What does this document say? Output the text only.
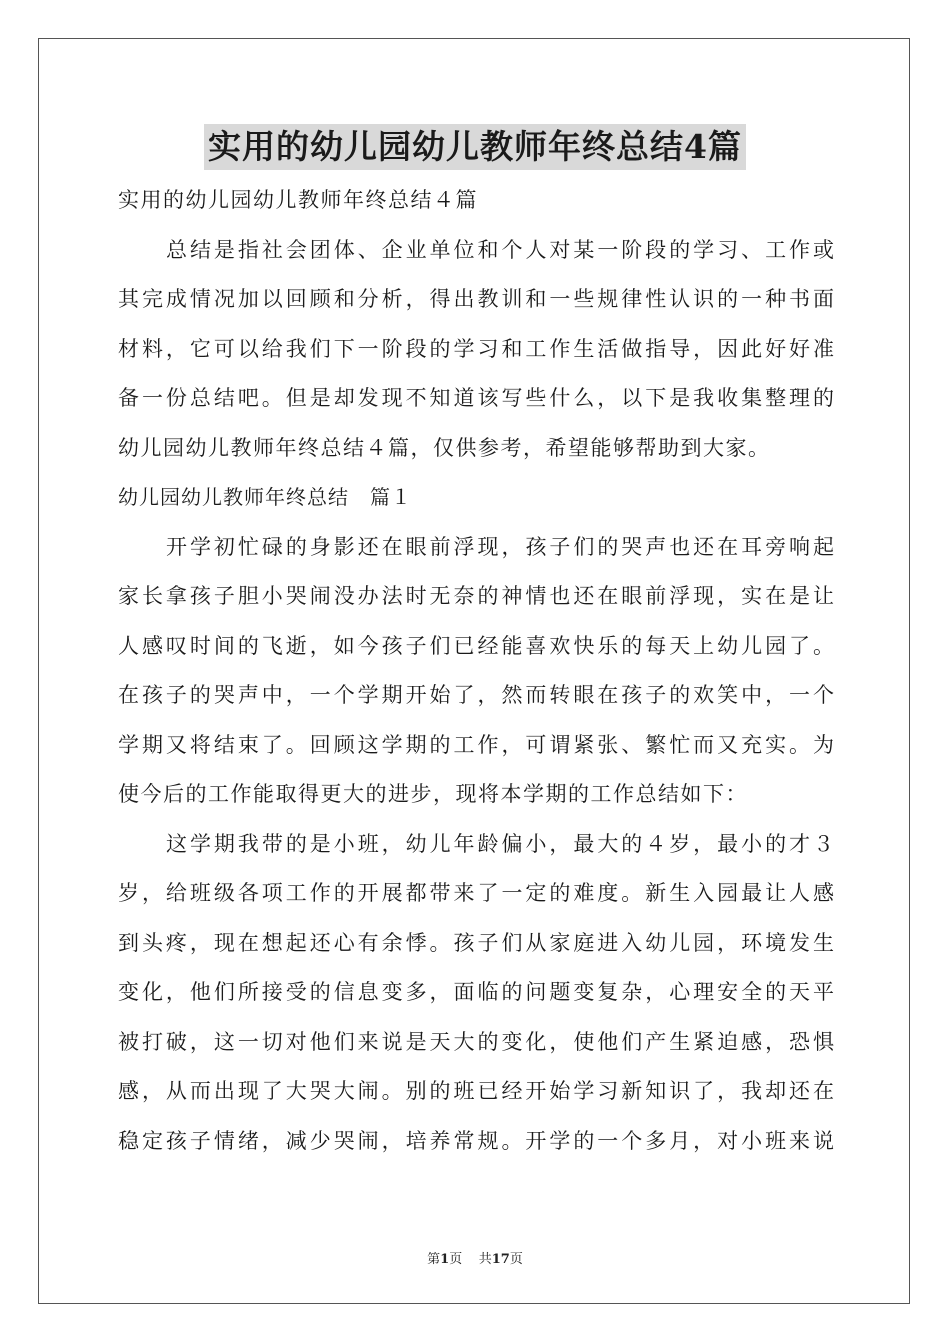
实用的幼儿园幼儿教师年终总结4篇
实用的幼儿园幼儿教师年终总结４篇
总结是指社会团体、企业单位和个人对某一阶段的学习、工作或
其完成情况加以回顾和分析，得出教训和一些规律性认识的一种书面
材料，它可以给我们下一阶段的学习和工作生活做指导，因此好好准
备一份总结吧。但是却发现不知道该写些什么，以下是我收集整理的
幼儿园幼儿教师年终总结４篇，仅供参考，希望能够帮助到大家。
幼儿园幼儿教师年终总结　篇１
开学初忙碌的身影还在眼前浮现，孩子们的哭声也还在耳旁响起
家长拿孩子胆小哭闹没办法时无奈的神情也还在眼前浮现，实在是让
人感叹时间的飞逝，如今孩子们已经能喜欢快乐的每天上幼儿园了。
在孩子的哭声中，一个学期开始了，然而转眼在孩子的欢笑中，一个
学期又将结束了。回顾这学期的工作，可谓紧张、繁忙而又充实。为
使今后的工作能取得更大的进步，现将本学期的工作总结如下：
这学期我带的是小班，幼儿年龄偏小，最大的４岁，最小的才３
岁，给班级各项工作的开展都带来了一定的难度。新生入园最让人感
到头疼，现在想起还心有余悸。孩子们从家庭进入幼儿园，环境发生
变化，他们所接受的信息变多，面临的问题变复杂，心理安全的天平
被打破，这一切对他们来说是天大的变化，使他们产生紧迫感，恐惧
感，从而出现了大哭大闹。别的班已经开始学习新知识了，我却还在
稳定孩子情绪，减少哭闹，培养常规。开学的一个多月，对小班来说
第1页 共17页
